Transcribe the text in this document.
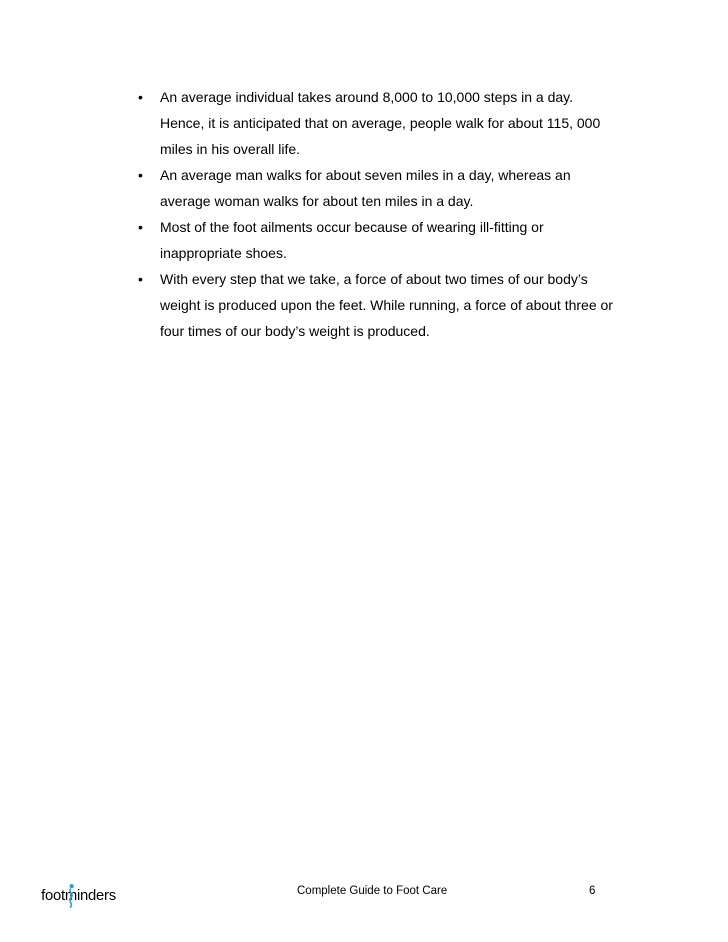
• An average individual takes around 8,000 to 10,000 steps in a day.
Hence, it is anticipated that on average, people walk for about 115, 000
miles in his overall life.
• An average man walks for about seven miles in a day, whereas an
average woman walks for about ten miles in a day.
• Most of the foot ailments occur because of wearing ill-fitting or
inappropriate shoes.
• With every step that we take, a force of about two times of our body’s
weight is produced upon the feet. While running, a force of about three or
four times of our body’s weight is produced.
footminders	Complete Guide to Foot Care	6
